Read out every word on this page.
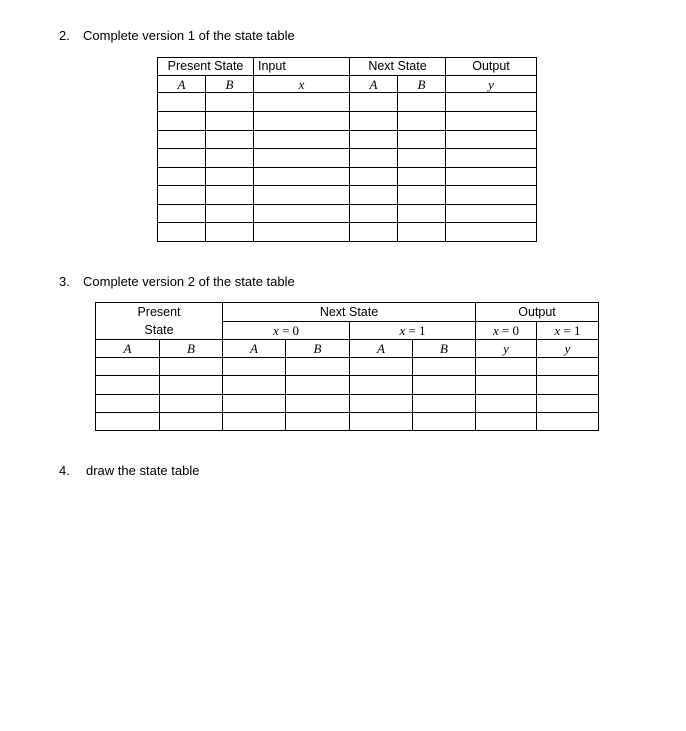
2. Complete version 1 of the state table
Present State		Input	Next State		Output
A	B	x	A	B	y

3. Complete version 2 of the state table
Present		Next State				Output	
State		x = 0		x = 1		x = 0	x = 1
A	B	A	B	A	B	y	y

4. draw the state table
